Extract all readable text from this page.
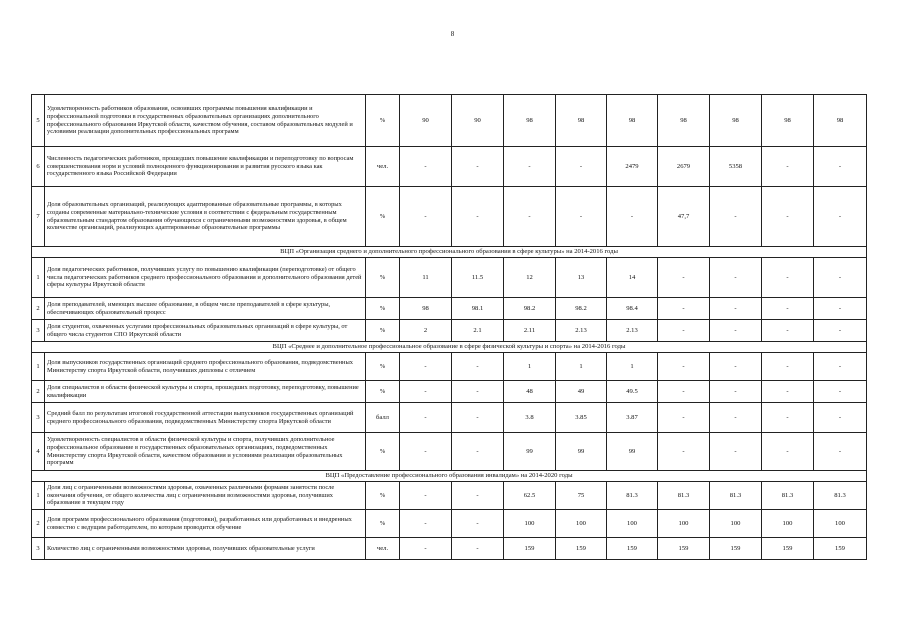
8
5	Удовлетворенность работников образования, освоивших программы повышения квалификации и профессиональной подготовки в государственных образовательных организациях дополнительного профессионального образования Иркутской области, качеством обучения, составом образовательных модулей и условиями реализации дополнительных профессиональных программ	%	90	90	98	98	98	98	98	98	98
6	Численность педагогических работников, прошедших повышение квалификации и переподготовку по вопросам совершенствования норм и условий полноценного функционирования и развития русского языка как государственного языка Российской Федерации	чел.	-	-	-	-	2479	2679	5358	-	-
7	Доля образовательных организаций, реализующих адаптированные образовательные программы, в которых созданы современные материально-технические условия в соответствии с федеральным государственным образовательным стандартом образования обучающихся с ограниченными возможностями здоровья, в общем количестве организаций, реализующих адаптированные образовательные программы	%	-	-	-	-	-	47,7	-	-	-
ВЦП «Организация среднего и дополнительного профессионального образования в сфере культуры» на 2014-2016 годы											
1	Доля педагогических работников, получивших услугу по повышению квалификации (переподготовке) от общего числа педагогических работников среднего профессионального образования и дополнительного образования детей сферы культуры Иркутской области	%	11	11.5	12	13	14	-	-	-	-
2	Доля преподавателей, имеющих высшее образование, в общем числе преподавателей в сфере культуры, обеспечивающих образовательный процесс	%	98	98.1	98.2	98.2	98.4	-	-	-	-
3	Доля студентов, охваченных услугами профессиональных образовательных организаций в сфере культуры, от общего числа студентов СПО Иркутской области	%	2	2.1	2.11	2.13	2.13	-	-	-	-
ВЦП «Среднее и дополнительное профессиональное образование в сфере физической культуры и спорта» на 2014-2016 годы											
1	Доля выпускников государственных организаций среднего профессионального образования, подведомственных Министерству спорта Иркутской области, получивших дипломы с отличием	%	-	-	1	1	1	-	-	-	-
2	Доля специалистов в области физической культуры и спорта, прошедших подготовку, переподготовку, повышение квалификации	%	-	-	48	49	49.5	-	-	-	-
3	Средний балл по результатам итоговой государственной аттестации выпускников государственных организаций среднего профессионального образования, подведомственных Министерству спорта Иркутской области	балл	-	-	3.8	3.85	3.87	-	-	-	-
4	Удовлетворенность специалистов в области физической культуры и спорта, получивших дополнительное профессиональное образование в государственных образовательных организациях, подведомственных Министерству спорта Иркутской области, качеством образования и условиями реализации образовательных программ	%	-	-	99	99	99	-	-	-	-
ВЦП «Предоставление профессионального образования инвалидам» на 2014-2020 годы											
1	Доля лиц с ограниченными возможностями здоровья, охваченных различными формами занятости после окончания обучения, от общего количества лиц с ограниченными возможностями здоровья, получивших образование в текущем году	%	-	-	62.5	75	81.3	81.3	81.3	81.3	81.3
2	Доля программ профессионального образования (подготовки), разработанных или доработанных и внедренных совместно с ведущим работодателем, по которым проводится обучение	%	-	-	100	100	100	100	100	100	100
3	Количество лиц с ограниченными возможностями здоровья, получивших образовательные услуги	чел.	-	-	159	159	159	159	159	159	159
